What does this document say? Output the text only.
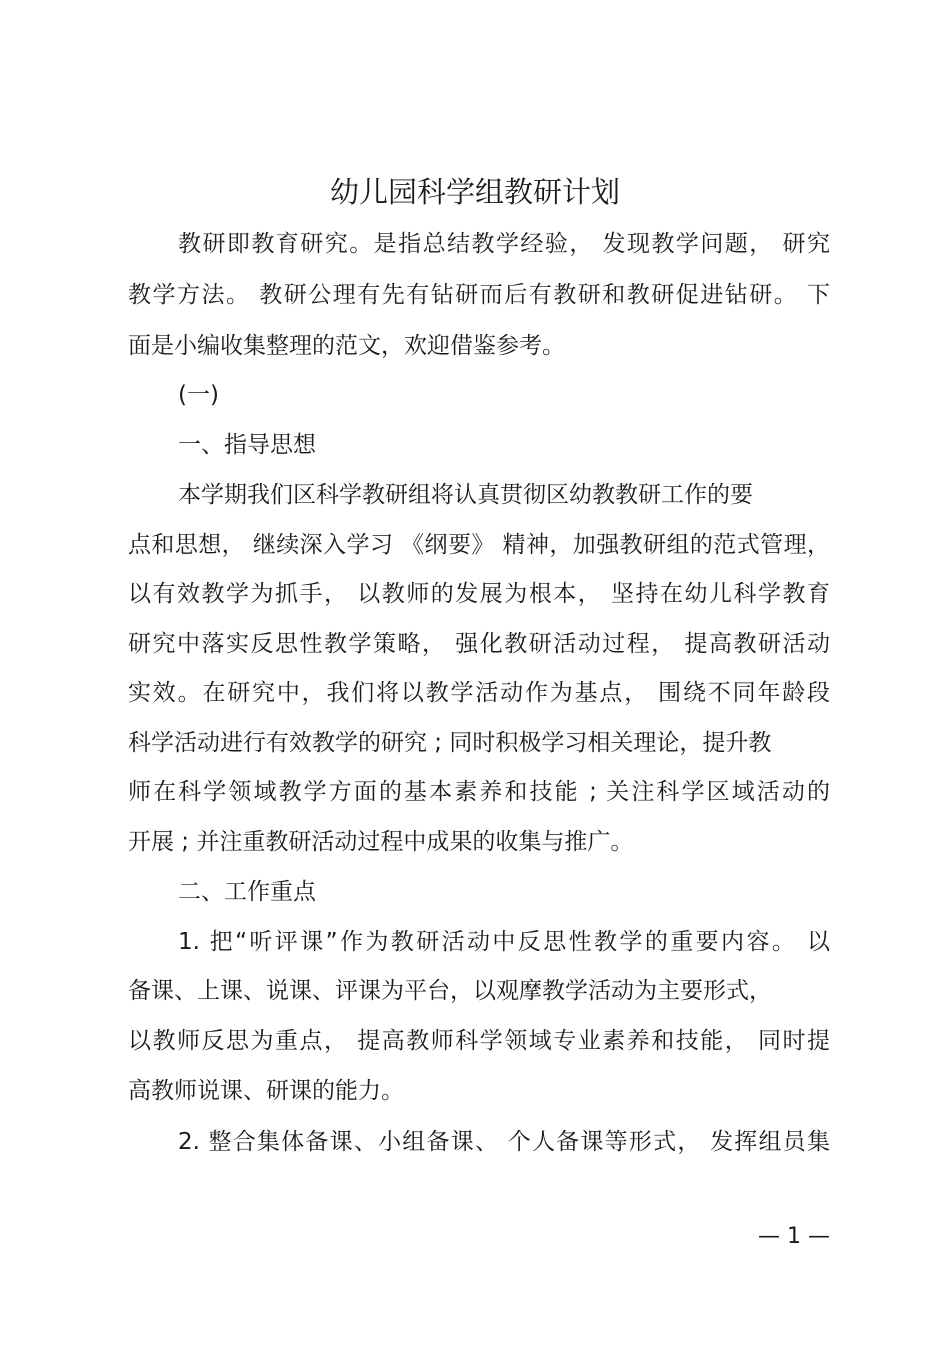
幼儿园科学组教研计划
教研即教育研究。是指总结教学经验， 发现教学问题， 研究
教学方法。 教研公理有先有钻研而后有教研和教研促进钻研。 下
面是小编收集整理的范文，欢迎借鉴参考。
(一)
一、指导思想
本学期我们区科学教研组将认真贯彻区幼教教研工作的要
点和思想， 继续深入学习 《纲要》 精神，加强教研组的范式管理，
以有效教学为抓手， 以教师的发展为根本， 坚持在幼儿科学教育
研究中落实反思性教学策略， 强化教研活动过程， 提高教研活动
实效。在研究中，我们将以教学活动作为基点， 围绕不同年龄段
科学活动进行有效教学的研究 ; 同时积极学习相关理论，提升教
师在科学领域教学方面的基本素养和技能 ; 关注科学区域活动的
开展 ; 并注重教研活动过程中成果的收集与推广。
二、工作重点
1. 把“听评课”作为教研活动中反思性教学的重要内容。 以
备课、上课、说课、评课为平台，以观摩教学活动为主要形式，
以教师反思为重点， 提高教师科学领域专业素养和技能， 同时提
高教师说课、研课的能力。
2. 整合集体备课、小组备课、 个人备课等形式， 发挥组员集
— 1 —
